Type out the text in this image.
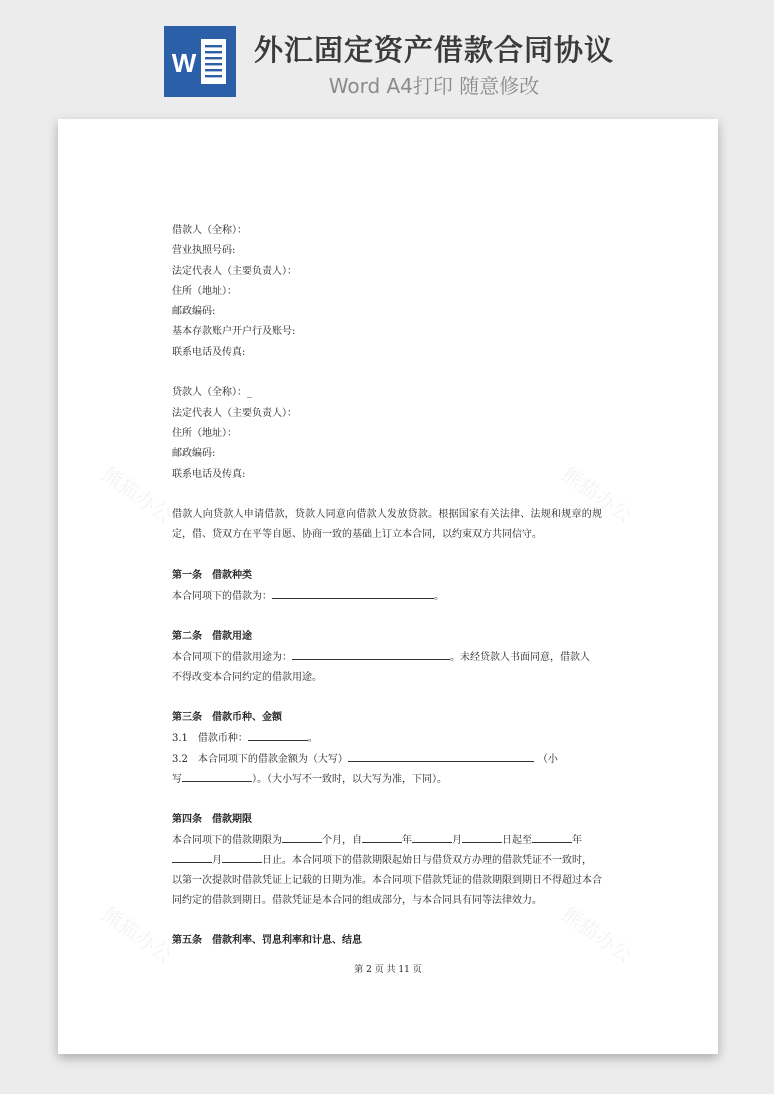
W	外汇固定资产借款合同协议
Word A4打印 随意修改
熊猫办公	熊猫办公
熊猫办公	熊猫办公
借款人（全称）：
营业执照号码:
法定代表人（主要负责人）：
住所（地址）：
邮政编码:
基本存款账户开户行及账号:
联系电话及传真:
贷款人（全称）：_
法定代表人（主要负责人）：
住所（地址）：
邮政编码:
联系电话及传真:
借款人向贷款人申请借款，贷款人同意向借款人发放贷款。根据国家有关法律、法规和规章的规定，借、贷双方在平等自愿、协商一致的基础上订立本合同，以约束双方共同信守。
第一条　借款种类
本合同项下的借款为：	。
第二条　借款用途
本合同项下的借款用途为：	。未经贷款人书面同意，借款人
不得改变本合同约定的借款用途。
第三条　借款币种、金额
3.1　借款币种：	。
3.2　本合同项下的借款金额为（大写）	（小
写	）。（大小写不一致时，以大写为准，下同）。
第四条　借款期限
本合同项下的借款期限为	个月，自	年	月	日起至	年
月	日止。本合同项下的借款期限起始日与借贷双方办理的借款凭证不一致时，
以第一次提款时借款凭证上记载的日期为准。本合同项下借款凭证的借款期限到期日不得超过本合同约定的借款到期日。借款凭证是本合同的组成部分，与本合同具有同等法律效力。
第五条　借款利率、罚息利率和计息、结息
第 2 页 共 11 页
